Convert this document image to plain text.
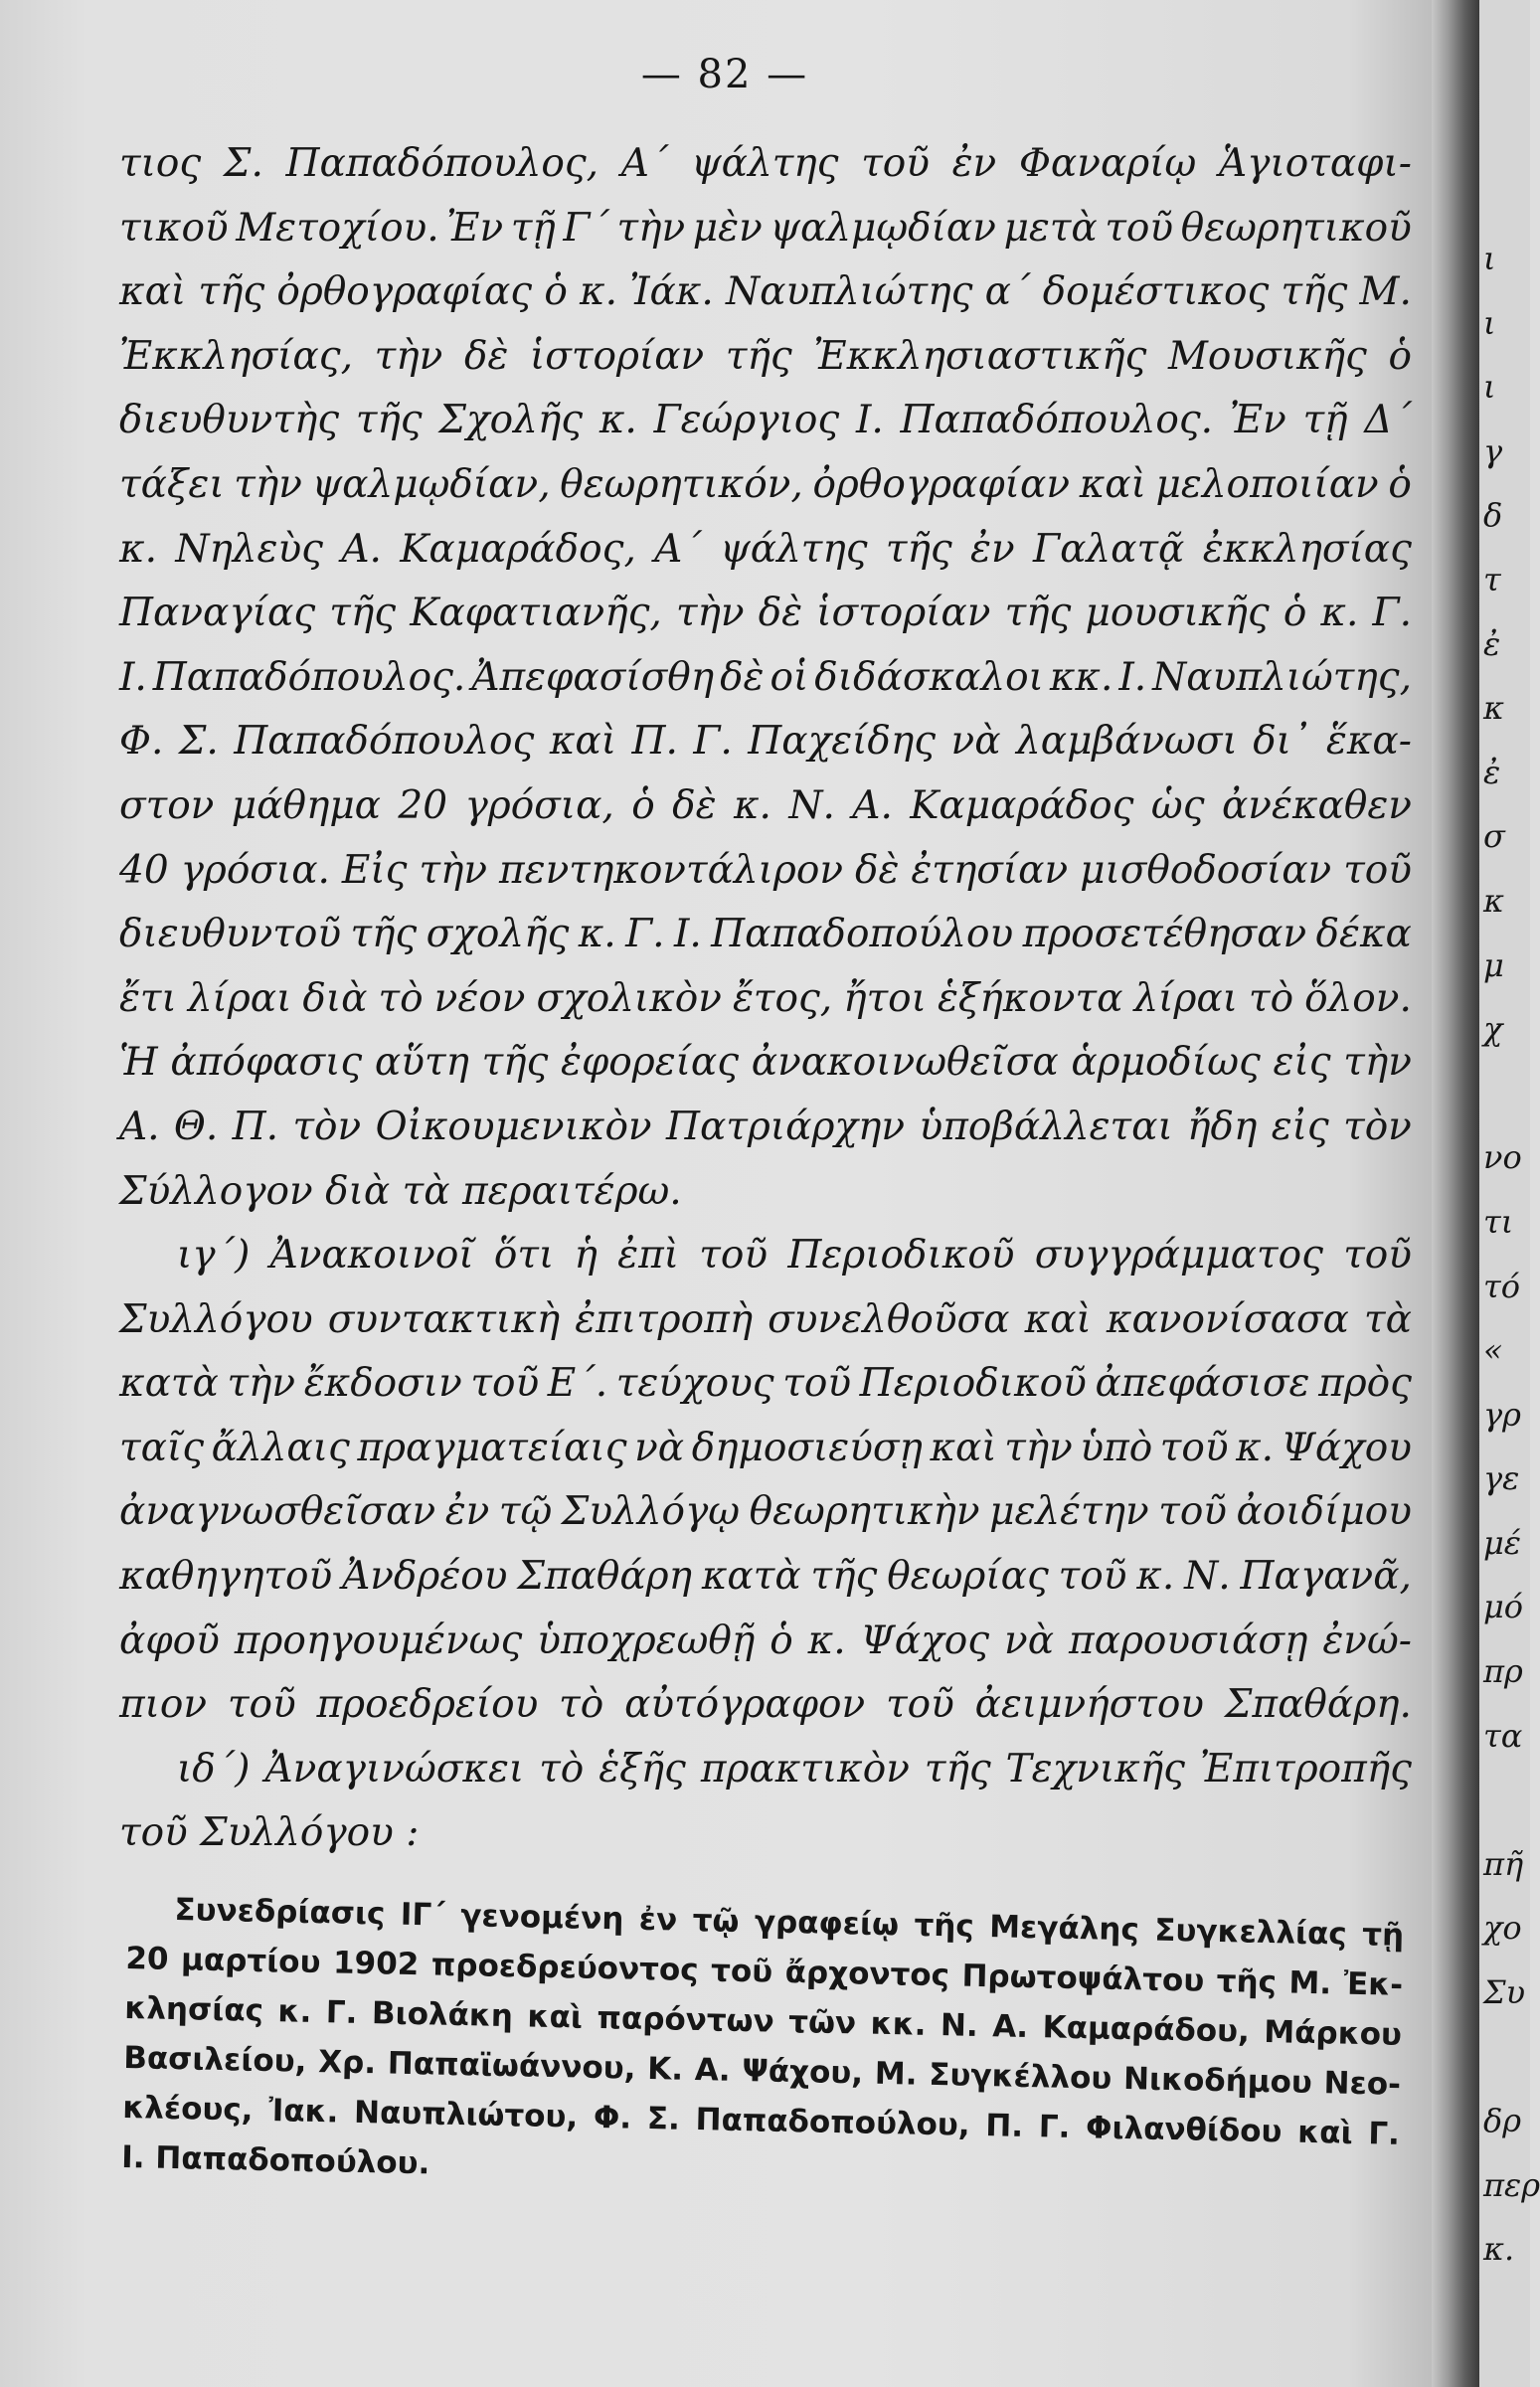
— 82 —
τιος Σ. Παπαδόπουλος, Α΄ ψάλτης τοῦ ἐν Φαναρίῳ Ἁγιοταφι-
τικοῦ Μετοχίου. Ἐν τῇ Γ΄ τὴν μὲν ψαλμῳδίαν μετὰ τοῦ θεωρητικοῦ
καὶ τῆς ὀρθογραφίας ὁ κ. Ἰάκ. Ναυπλιώτης α΄ δομέστικος τῆς Μ.
Ἐκκλησίας, τὴν δὲ ἱστορίαν τῆς Ἐκκλησιαστικῆς Μουσικῆς ὁ
διευθυντὴς τῆς Σχολῆς κ. Γεώργιος Ι. Παπαδόπουλος. Ἐν τῇ Δ΄
τάξει τὴν ψαλμῳδίαν, θεωρητικόν, ὀρθογραφίαν καὶ μελοποιίαν ὁ
κ. Νηλεὺς Α. Καμαράδος, Α΄ ψάλτης τῆς ἐν Γαλατᾷ ἐκκλησίας
Παναγίας τῆς Καφατιανῆς, τὴν δὲ ἱστορίαν τῆς μουσικῆς ὁ κ. Γ.
Ι. Παπαδόπουλος. Ἀπεφασίσθη δὲ οἱ διδάσκαλοι κκ. Ι. Ναυπλιώτης,
Φ. Σ. Παπαδόπουλος καὶ Π. Γ. Παχείδης νὰ λαμβάνωσι δι᾽ ἕκα-
στον μάθημα 20 γρόσια, ὁ δὲ κ. Ν. Α. Καμαράδος ὡς ἀνέκαθεν
40 γρόσια. Εἰς τὴν πεντηκοντάλιρον δὲ ἐτησίαν μισθοδοσίαν τοῦ
διευθυντοῦ τῆς σχολῆς κ. Γ. Ι. Παπαδοπούλου προσετέθησαν δέκα
ἔτι λίραι διὰ τὸ νέον σχολικὸν ἔτος, ἤτοι ἑξήκοντα λίραι τὸ ὅλον.
Ἡ ἀπόφασις αὕτη τῆς ἐφορείας ἀνακοινωθεῖσα ἁρμοδίως εἰς τὴν
Α. Θ. Π. τὸν Οἰκουμενικὸν Πατριάρχην ὑποβάλλεται ἤδη εἰς τὸν
Σύλλογον διὰ τὰ περαιτέρω.
ιγ΄) Ἀνακοινοῖ ὅτι ἡ ἐπὶ τοῦ Περιοδικοῦ συγγράμματος τοῦ
Συλλόγου συντακτικὴ ἐπιτροπὴ συνελθοῦσα καὶ κανονίσασα τὰ
κατὰ τὴν ἔκδοσιν τοῦ Ε΄. τεύχους τοῦ Περιοδικοῦ ἀπεφάσισε πρὸς
ταῖς ἄλλαις πραγματείαις νὰ δημοσιεύσῃ καὶ τὴν ὑπὸ τοῦ κ. Ψάχου
ἀναγνωσθεῖσαν ἐν τῷ Συλλόγῳ θεωρητικὴν μελέτην τοῦ ἀοιδίμου
καθηγητοῦ Ἀνδρέου Σπαθάρη κατὰ τῆς θεωρίας τοῦ κ. Ν. Παγανᾶ,
ἀφοῦ προηγουμένως ὑποχρεωθῇ ὁ κ. Ψάχος νὰ παρουσιάσῃ ἐνώ-
πιον τοῦ προεδρείου τὸ αὐτόγραφον τοῦ ἀειμνήστου Σπαθάρη.
ιδ΄) Ἀναγινώσκει τὸ ἑξῆς πρακτικὸν τῆς Τεχνικῆς Ἐπιτροπῆς
τοῦ Συλλόγου :
Συνεδρίασις ΙΓ΄ γενομένη ἐν τῷ γραφείῳ τῆς Μεγάλης Συγκελλίας τῇ
20 μαρτίου 1902 προεδρεύοντος τοῦ ἄρχοντος Πρωτοψάλτου τῆς Μ. Ἐκ-
κλησίας κ. Γ. Βιολάκη καὶ παρόντων τῶν κκ. Ν. Α. Καμαράδου, Μάρκου
Βασιλείου, Χρ. Παπαϊωάννου, Κ. Α. Ψάχου, Μ. Συγκέλλου Νικοδήμου Νεο-
κλέους, Ἰακ. Ναυπλιώτου, Φ. Σ. Παπαδοπούλου, Π. Γ. Φιλανθίδου καὶ Γ.
Ι. Παπαδοπούλου.
ι
ι
ι
γ
δ
τ
ἐ
κ
ἐ
σ
κ
μ
χ
νο
τι
τό
«
γρ
γε
μέ
μό
πρ
τα
πῆ
χο
Συ
δρ
περ
κ.
